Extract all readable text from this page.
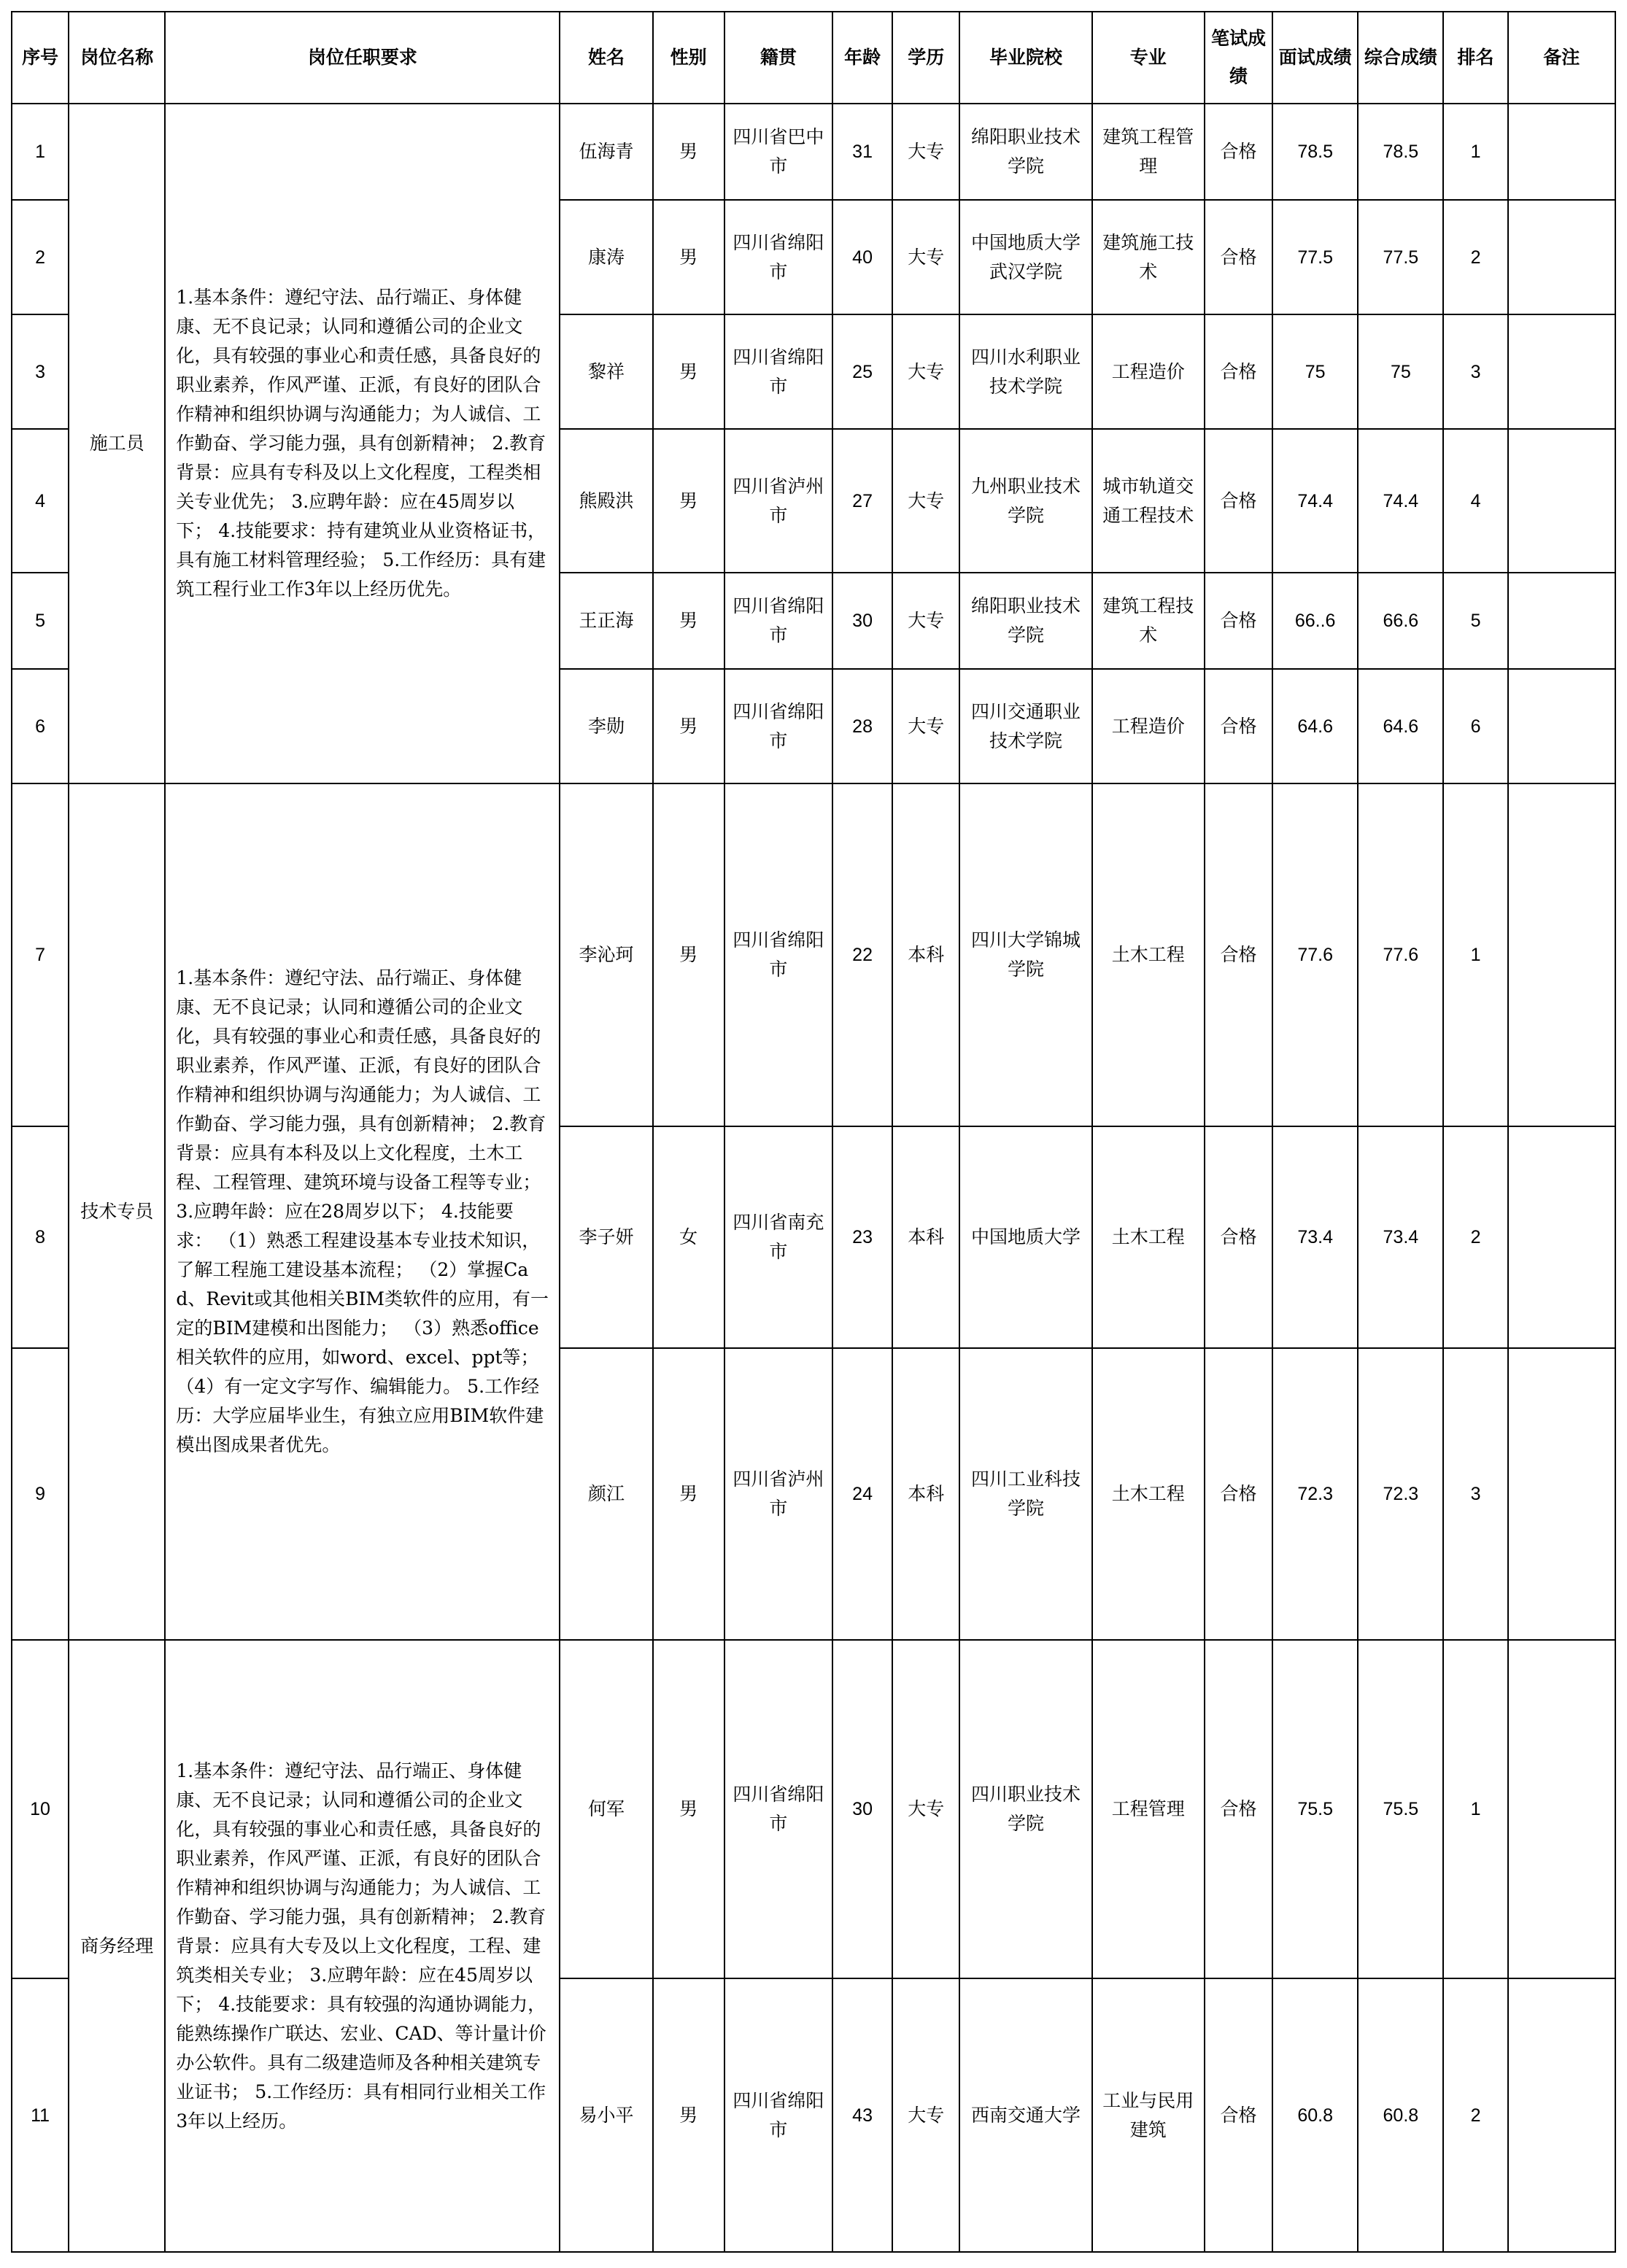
序号	岗位名称	岗位任职要求	姓名	性别	籍贯	年龄	学历	毕业院校	专业	笔试成绩	面试成绩	综合成绩	排名	备注
1	施工员	1.基本条件：遵纪守法、品行端正、身体健康、无不良记录；认同和遵循公司的企业文化，具有较强的事业心和责任感，具备良好的职业素养，作风严谨、正派，有良好的团队合作精神和组织协调与沟通能力；为人诚信、工作勤奋、学习能力强，具有创新精神； 2.教育背景：应具有专科及以上文化程度，工程类相关专业优先； 3.应聘年龄：应在45周岁以下； 4.技能要求：持有建筑业从业资格证书，具有施工材料管理经验； 5.工作经历：具有建筑工程行业工作3年以上经历优先。	伍海青	男	四川省巴中市	31	大专	绵阳职业技术学院	建筑工程管理	合格	78.5	78.5	1	
2			康涛	男	四川省绵阳市	40	大专	中国地质大学武汉学院	建筑施工技术	合格	77.5	77.5	2	
3			黎祥	男	四川省绵阳市	25	大专	四川水利职业技术学院	工程造价	合格	75	75	3	
4			熊殿洪	男	四川省泸州市	27	大专	九州职业技术学院	城市轨道交通工程技术	合格	74.4	74.4	4	
5			王正海	男	四川省绵阳市	30	大专	绵阳职业技术学院	建筑工程技术	合格	66..6	66.6	5	
6			李勋	男	四川省绵阳市	28	大专	四川交通职业技术学院	工程造价	合格	64.6	64.6	6	
7	技术专员	1.基本条件：遵纪守法、品行端正、身体健康、无不良记录；认同和遵循公司的企业文化，具有较强的事业心和责任感，具备良好的职业素养，作风严谨、正派，有良好的团队合作精神和组织协调与沟通能力；为人诚信、工作勤奋、学习能力强，具有创新精神； 2.教育背景：应具有本科及以上文化程度，土木工程、工程管理、建筑环境与设备工程等专业； 3.应聘年龄：应在28周岁以下； 4.技能要求： （1）熟悉工程建设基本专业技术知识，了解工程施工建设基本流程； （2）掌握Cad、Revit或其他相关BIM类软件的应用，有一定的BIM建模和出图能力； （3）熟悉office相关软件的应用，如word、excel、ppt等； （4）有一定文字写作、编辑能力。 5.工作经历：大学应届毕业生，有独立应用BIM软件建模出图成果者优先。	李沁珂	男	四川省绵阳市	22	本科	四川大学锦城学院	土木工程	合格	77.6	77.6	1	
8			李子妍	女	四川省南充市	23	本科	中国地质大学	土木工程	合格	73.4	73.4	2	
9			颜江	男	四川省泸州市	24	本科	四川工业科技学院	土木工程	合格	72.3	72.3	3	
10	商务经理	1.基本条件：遵纪守法、品行端正、身体健康、无不良记录；认同和遵循公司的企业文化，具有较强的事业心和责任感，具备良好的职业素养，作风严谨、正派，有良好的团队合作精神和组织协调与沟通能力；为人诚信、工作勤奋、学习能力强，具有创新精神； 2.教育背景：应具有大专及以上文化程度，工程、建筑类相关专业； 3.应聘年龄：应在45周岁以下； 4.技能要求：具有较强的沟通协调能力，能熟练操作广联达、宏业、CAD、等计量计价办公软件。具有二级建造师及各种相关建筑专业证书； 5.工作经历：具有相同行业相关工作3年以上经历。	何军	男	四川省绵阳市	30	大专	四川职业技术学院	工程管理	合格	75.5	75.5	1	
11			易小平	男	四川省绵阳市	43	大专	西南交通大学	工业与民用建筑	合格	60.8	60.8	2	
